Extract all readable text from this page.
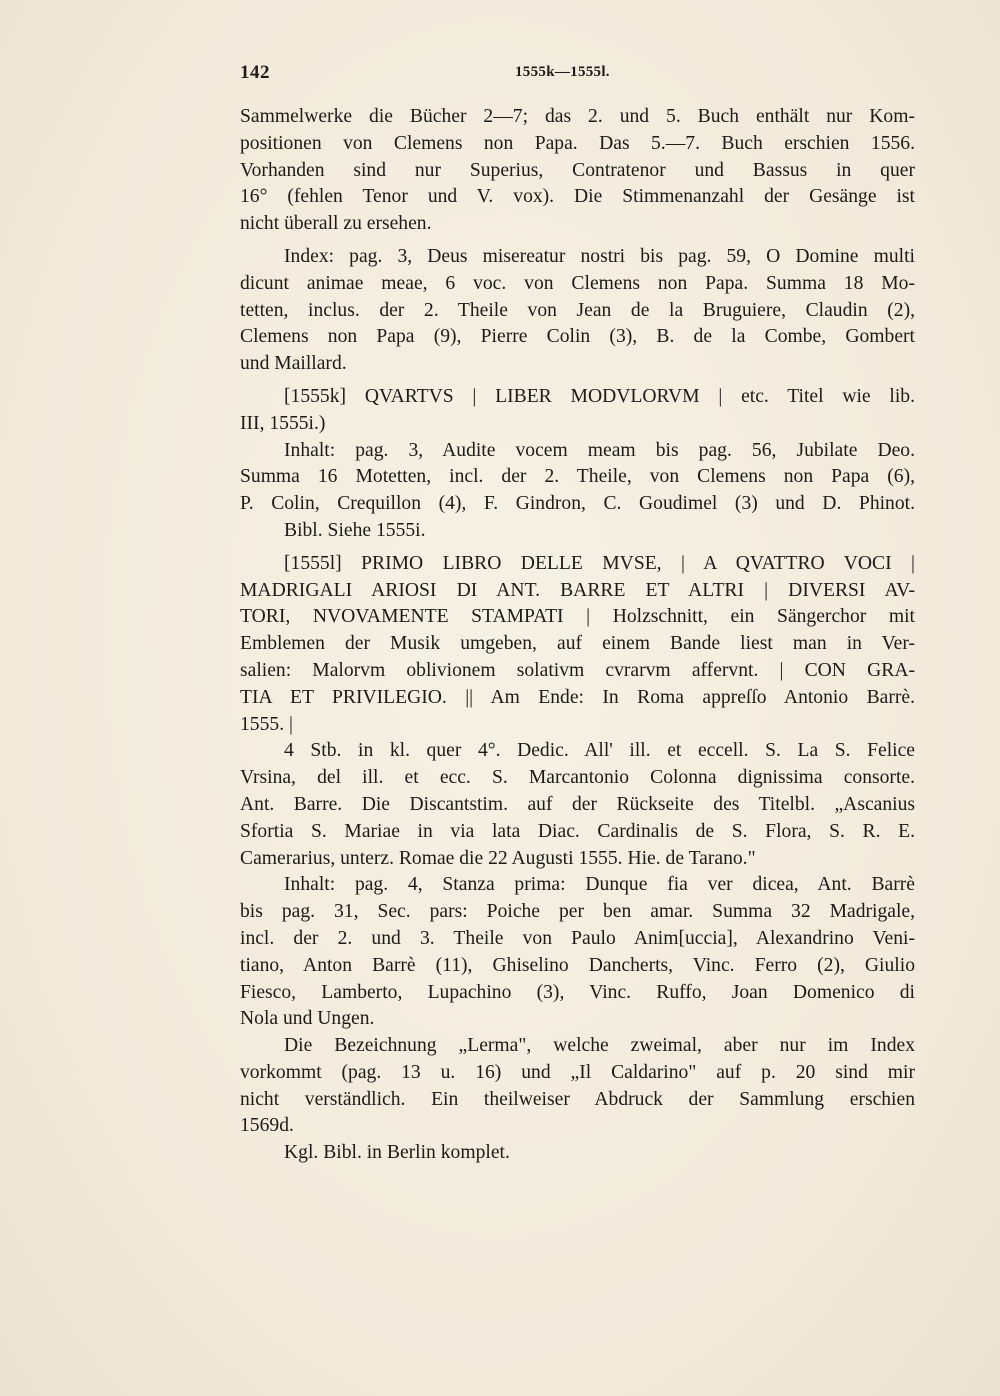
142	1555k—1555l.
Sammelwerke die Bücher 2—7; das 2. und 5. Buch enthält nur Kom-
positionen von Clemens non Papa. Das 5.—7. Buch erschien 1556.
Vorhanden sind nur Superius, Contratenor und Bassus in quer
16° (fehlen Tenor und V. vox). Die Stimmenanzahl der Gesänge ist
nicht überall zu ersehen.
Index: pag. 3, Deus misereatur nostri bis pag. 59, O Domine multi
dicunt animae meae, 6 voc. von Clemens non Papa. Summa 18 Mo-
tetten, inclus. der 2. Theile von Jean de la Bruguiere, Claudin (2),
Clemens non Papa (9), Pierre Colin (3), B. de la Combe, Gombert
und Maillard.
[1555k] QVARTVS | LIBER MODVLORVM | etc. Titel wie lib.
III, 1555i.)
Inhalt: pag. 3, Audite vocem meam bis pag. 56, Jubilate Deo.
Summa 16 Motetten, incl. der 2. Theile, von Clemens non Papa (6),
P. Colin, Crequillon (4), F. Gindron, C. Goudimel (3) und D. Phinot.
Bibl. Siehe 1555i.
[1555l] PRIMO LIBRO DELLE MVSE, | A QVATTRO VOCI |
MADRIGALI ARIOSI DI ANT. BARRE ET ALTRI | DIVERSI AV-
TORI, NVOVAMENTE STAMPATI | Holzschnitt, ein Sängerchor mit
Emblemen der Musik umgeben, auf einem Bande liest man in Ver-
salien: Malorvm oblivionem solativm cvrarvm affervnt. | CON GRA-
TIA ET PRIVILEGIO. || Am Ende: In Roma appreſſo Antonio Barrè.
1555. |
4 Stb. in kl. quer 4°. Dedic. All' ill. et eccell. S. La S. Felice
Vrsina, del ill. et ecc. S. Marcantonio Colonna dignissima consorte.
Ant. Barre. Die Discantstim. auf der Rückseite des Titelbl. „Ascanius
Sfortia S. Mariae in via lata Diac. Cardinalis de S. Flora, S. R. E.
Camerarius, unterz. Romae die 22 Augusti 1555. Hie. de Tarano."
Inhalt: pag. 4, Stanza prima: Dunque fia ver dicea, Ant. Barrè
bis pag. 31, Sec. pars: Poiche per ben amar. Summa 32 Madrigale,
incl. der 2. und 3. Theile von Paulo Anim[uccia], Alexandrino Veni-
tiano, Anton Barrè (11), Ghiselino Dancherts, Vinc. Ferro (2), Giulio
Fiesco, Lamberto, Lupachino (3), Vinc. Ruffo, Joan Domenico di
Nola und Ungen.
Die Bezeichnung „Lerma", welche zweimal, aber nur im Index
vorkommt (pag. 13 u. 16) und „Il Caldarino" auf p. 20 sind mir
nicht verständlich. Ein theilweiser Abdruck der Sammlung erschien
1569d.
Kgl. Bibl. in Berlin komplet.
